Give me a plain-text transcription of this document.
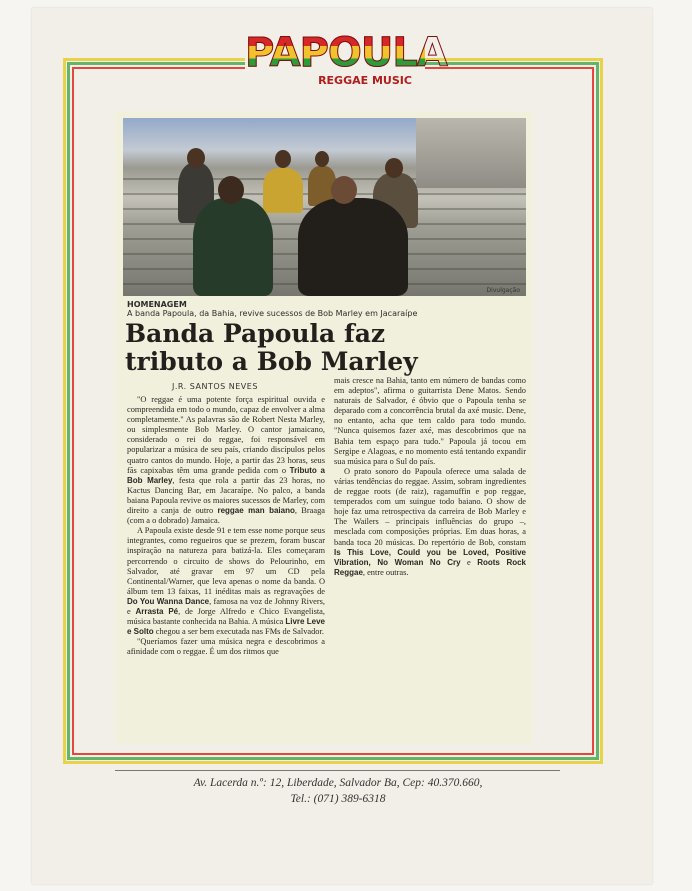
PAPOULA
REGGAE MUSIC
Divulgação
HOMENAGEM
A banda Papoula, da Bahia, revive sucessos de Bob Marley em Jacaraípe
Banda Papoula faz
tributo a Bob Marley
J.R. SANTOS NEVES

"O reggae é uma potente força espiritual ouvida e compreendida em todo o mundo, capaz de envolver a alma completamente." As palavras são de Robert Nesta Marley, ou simplesmente Bob Marley. O cantor jamaicano, considerado o rei do reggae, foi responsável em popularizar a música de seu país, criando discípulos pelos quatro cantos do mundo. Hoje, a partir das 23 horas, seus fãs capixabas têm uma grande pedida com o Tributo a Bob Marley, festa que rola a partir das 23 horas, no Kactus Dancing Bar, em Jacaraípe. No palco, a banda baiana Papoula revive os maiores sucessos de Marley, com direito a canja de outro reggae man baiano, Braaga (com a o dobrado) Jamaica.

A Papoula existe desde 91 e tem esse nome porque seus integrantes, como regueiros que se prezem, foram buscar inspiração na natureza para batizá-la. Eles começaram percorrendo o circuito de shows do Pelourinho, em Salvador, até gravar em 97 um CD pela Continental/Warner, que leva apenas o nome da banda. O álbum tem 13 faixas, 11 inéditas mais as regravações de Do You Wanna Dance, famosa na voz de Johnny Rivers, e Arrasta Pé, de Jorge Alfredo e Chico Evangelista, música bastante conhecida na Bahia. A música Livre Leve e Solto chegou a ser bem executada nas FMs de Salvador.

"Queríamos fazer uma música negra e descobrimos a afinidade com o reggae. É um dos ritmos que

mais cresce na Bahia, tanto em número de bandas como em adeptos", afirma o guitarrista Dene Matos. Sendo naturais de Salvador, é óbvio que o Papoula tenha se deparado com a concorrência brutal da axé music. Dene, no entanto, acha que tem caldo para todo mundo. "Nunca quisemos fazer axé, mas descobrimos que na Bahia tem espaço para tudo." Papoula já tocou em Sergipe e Alagoas, e no momento está tentando expandir sua música para o Sul do país.

O prato sonoro do Papoula oferece uma salada de várias tendências do reggae. Assim, sobram ingredientes de reggae roots (de raiz), ragamuffin e pop reggae, temperados com um suingue todo baiano. O show de hoje faz uma retrospectiva da carreira de Bob Marley e The Wailers – principais influências do grupo –, mesclada com composições próprias. Em duas horas, a banda toca 20 músicas. Do repertório de Bob, constam Is This Love, Could you be Loved, Positive Vibration, No Woman No Cry e Roots Rock Reggae, entre outras.

Av. Lacerda n.º: 12, Liberdade, Salvador Ba, Cep: 40.370.660,
Tel.: (071) 389-6318
